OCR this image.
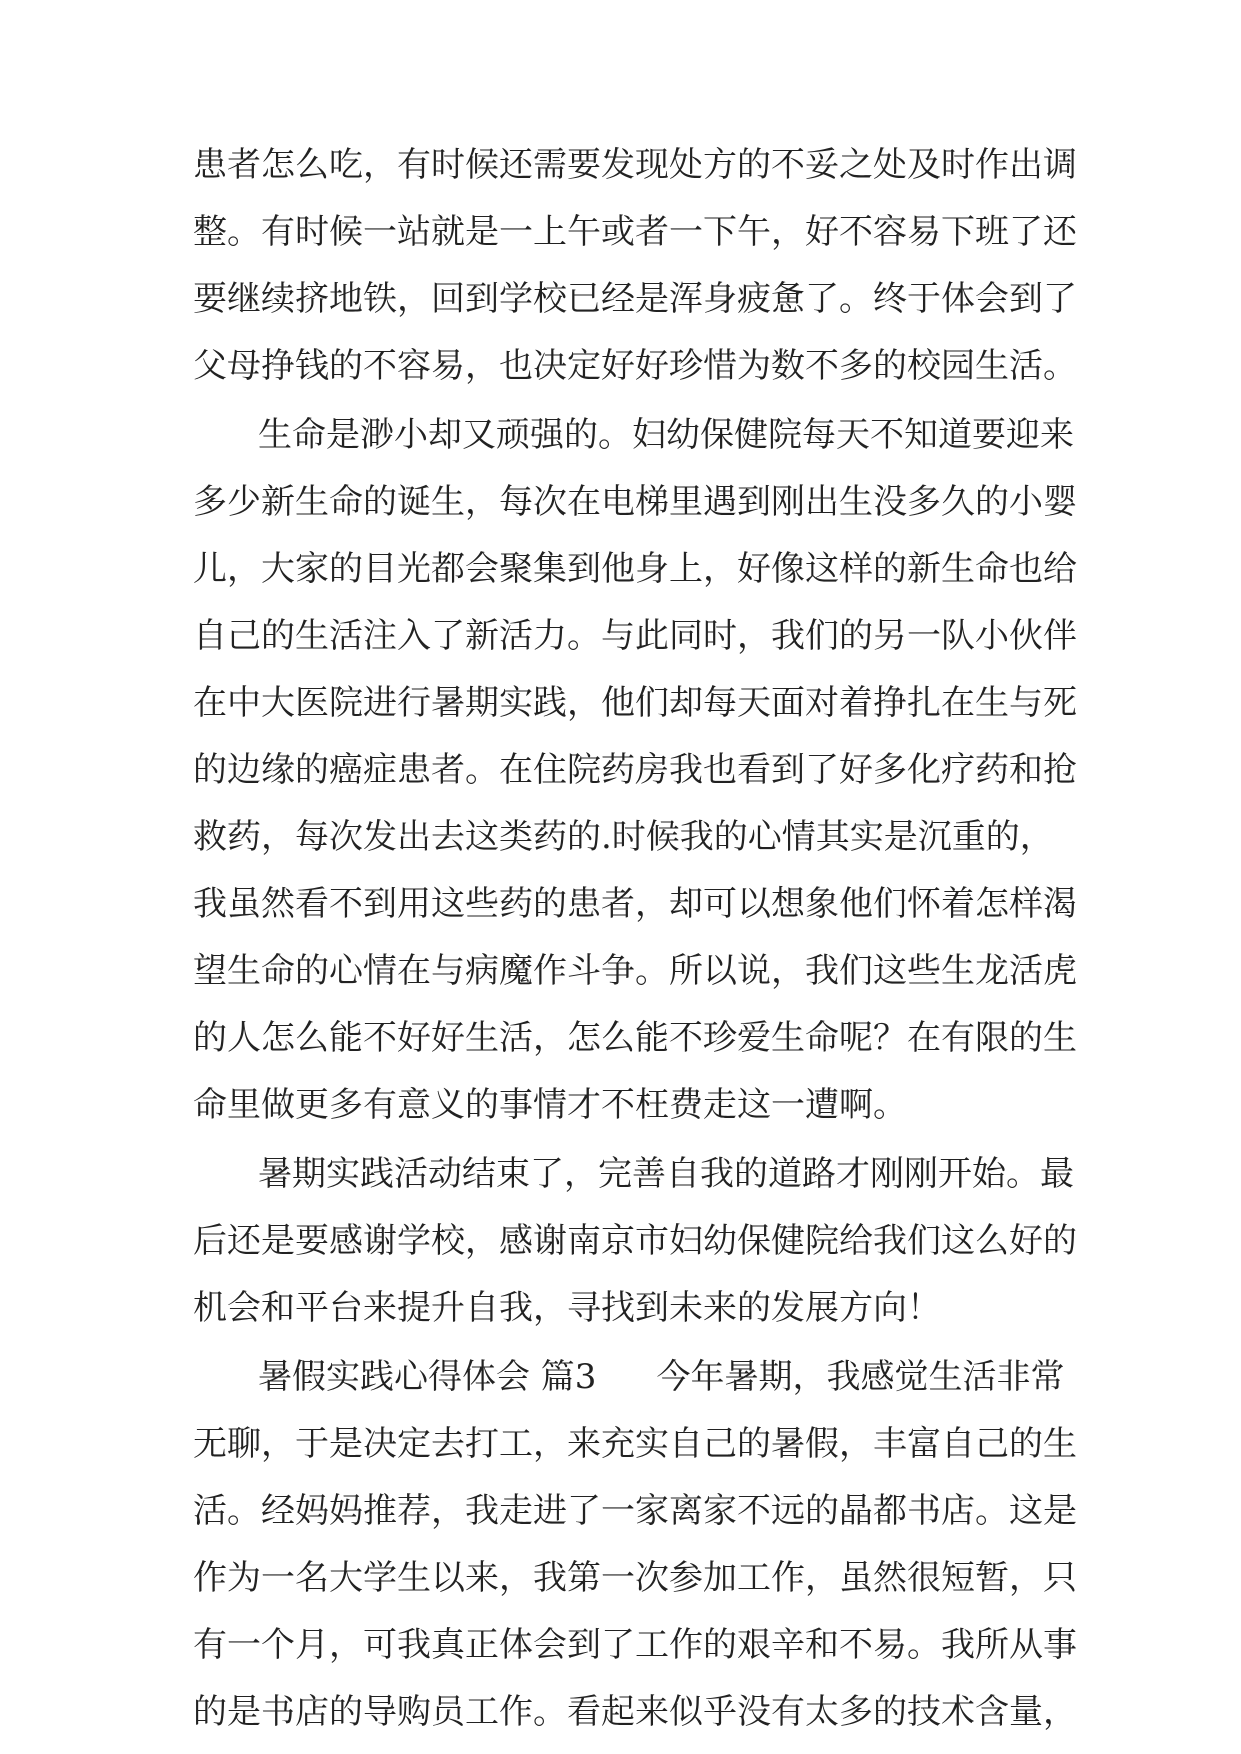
患者怎么吃，有时候还需要发现处方的不妥之处及时作出调
整。有时候一站就是一上午或者一下午，好不容易下班了还
要继续挤地铁，回到学校已经是浑身疲惫了。终于体会到了
父母挣钱的不容易，也决定好好珍惜为数不多的校园生活。
生命是渺小却又顽强的。妇幼保健院每天不知道要迎来
多少新生命的诞生，每次在电梯里遇到刚出生没多久的小婴
儿，大家的目光都会聚集到他身上，好像这样的新生命也给
自己的生活注入了新活力。与此同时，我们的另一队小伙伴
在中大医院进行暑期实践，他们却每天面对着挣扎在生与死
的边缘的癌症患者。在住院药房我也看到了好多化疗药和抢
救药，每次发出去这类药的.时候我的心情其实是沉重的，
我虽然看不到用这些药的患者，却可以想象他们怀着怎样渴
望生命的心情在与病魔作斗争。所以说，我们这些生龙活虎
的人怎么能不好好生活，怎么能不珍爱生命呢？在有限的生
命里做更多有意义的事情才不枉费走这一遭啊。
暑期实践活动结束了，完善自我的道路才刚刚开始。最
后还是要感谢学校，感谢南京市妇幼保健院给我们这么好的
机会和平台来提升自我，寻找到未来的发展方向！
暑假实践心得体会 篇3 今年暑期，我感觉生活非常
无聊，于是决定去打工，来充实自己的暑假，丰富自己的生
活。经妈妈推荐，我走进了一家离家不远的晶都书店。这是
作为一名大学生以来，我第一次参加工作，虽然很短暂，只
有一个月，可我真正体会到了工作的艰辛和不易。我所从事
的是书店的导购员工作。看起来似乎没有太多的技术含量，
